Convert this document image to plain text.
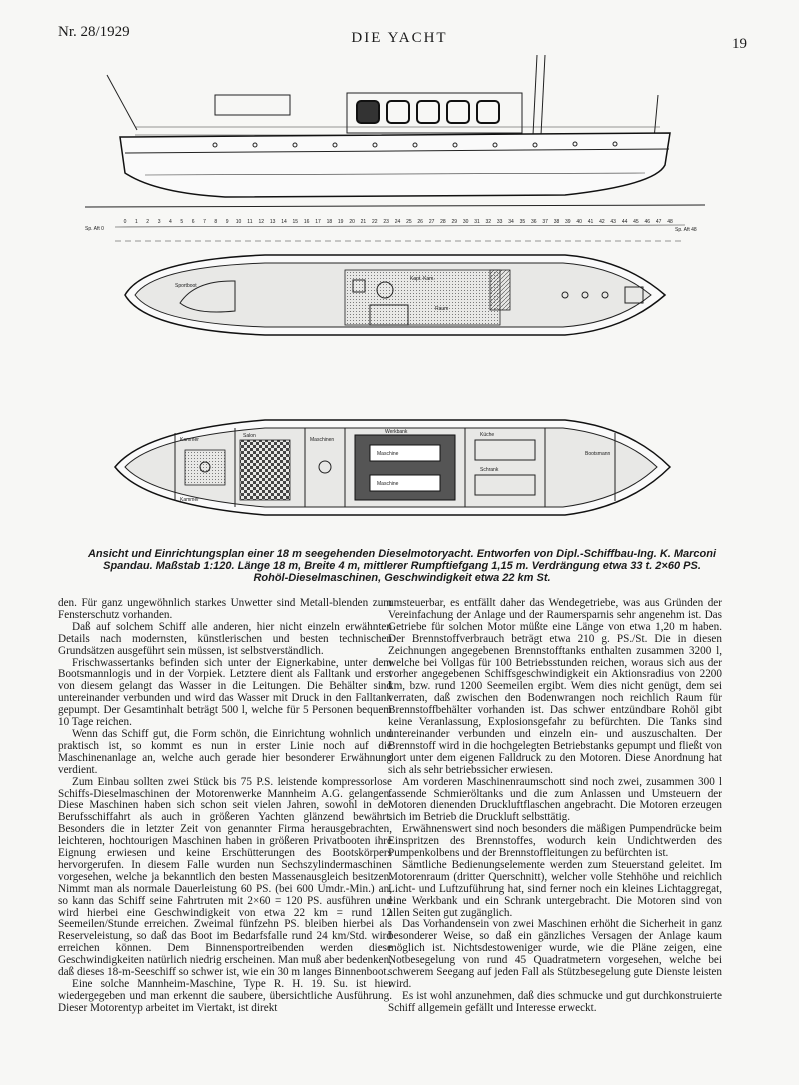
Nr. 28/1929	DIE YACHT	19
Sp. Aft 0	Sp. Aft 48
Kapt. Kam.
Raum
Sportboot
Kammer
Kammer
Maschinen
Salon
Maschine
Maschine
Werkbank
Bootsmann
Küche
Schrank
0 1 2 3 4 5 6 7 8 9 10 11 12 13 14 15 16 17 18 19 20 21 22 23 24 25 26 27 28 29 30 31 32 33 34 35 36 37 38 39 40 41 42 43 44 45 46 47 48
Ansicht und Einrichtungsplan einer 18 m seegehenden Dieselmotoryacht. Entworfen von Dipl.-Schiffbau-Ing. K. Marconi
Spandau. Maßstab 1:120. Länge 18 m, Breite 4 m, mittlerer Rumpftiefgang 1,15 m. Verdrängung etwa 33 t. 2×60 PS.
Rohöl-Dieselmaschinen, Geschwindigkeit etwa 22 km St.

den. Für ganz ungewöhnlich starkes Unwetter sind Metall-blenden zum Fensterschutz vorhanden.

Daß auf solchem Schiff alle anderen, hier nicht einzeln erwähnten Details nach modernsten, künstlerischen und besten technischen Grundsätzen ausgeführt sein müssen, ist selbstverständlich.

Frischwassertanks befinden sich unter der Eignerkabine, unter dem Bootsmannlogis und in der Vorpiek. Letztere dient als Falltank und erst von diesem gelangt das Wasser in die Leitungen. Die Behälter sind untereinander verbunden und wird das Wasser mit Druck in den Falltank gepumpt. Der Gesamtinhalt beträgt 500 l, welche für 5 Personen bequem 10 Tage reichen.

Wenn das Schiff gut, die Form schön, die Einrichtung wohnlich und praktisch ist, so kommt es nun in erster Linie noch auf die Maschinenanlage an, welche auch gerade hier besonderer Erwähnung verdient.

Zum Einbau sollten zwei Stück bis 75 P.S. leistende kompressorlose Schiffs-Dieselmaschinen der Motorenwerke Mannheim A.G. gelangen. Diese Maschinen haben sich schon seit vielen Jahren, sowohl in der Berufsschiffahrt als auch in größeren Yachten glänzend bewährt. Besonders die in letzter Zeit von genannter Firma herausgebrachten, leichteren, hochtourigen Maschinen haben in größeren Privatbooten ihre Eignung erwiesen und keine Erschütterungen des Bootskörpers hervorgerufen. In diesem Falle wurden nun Sechszylindermaschinen vorgesehen, welche ja bekanntlich den besten Massenausgleich besitzen. Nimmt man als normale Dauerleistung 60 PS. (bei 600 Umdr.-Min.) an, so kann das Schiff seine Fahrtruten mit 2×60 = 120 PS. ausführen und wird hierbei eine Geschwindigkeit von etwa 22 km = rund 12 Seemeilen/Stunde erreichen. Zweimal fünfzehn PS. bleiben hierbei als Reserveleistung, so daß das Boot im Bedarfsfalle rund 24 km/Std. wird erreichen können. Dem Binnensportreibenden werden diese Geschwindigkeiten natürlich niedrig erscheinen. Man muß aber bedenken, daß dieses 18-m-Seeschiff so schwer ist, wie ein 30 m langes Binnenboot.

Eine solche Mannheim-Maschine, Type R. H. 19. Su. ist hier wiedergegeben und man erkennt die saubere, übersichtliche Ausführung. Dieser Motorentyp arbeitet im Viertakt, ist direkt

umsteuerbar, es entfällt daher das Wendegetriebe, was aus Gründen der Vereinfachung der Anlage und der Raumersparnis sehr angenehm ist. Das Getriebe für solchen Motor müßte eine Länge von etwa 1,20 m haben. Der Brennstoffverbrauch beträgt etwa 210 g. PS./St. Die in diesen Zeichnungen angegebenen Brennstofftanks enthalten zusammen 3200 l, welche bei Vollgas für 100 Betriebsstunden reichen, woraus sich aus der vorher angegebenen Schiffsgeschwindigkeit ein Aktionsradius von 2200 km, bzw. rund 1200 Seemeilen ergibt. Wem dies nicht genügt, dem sei verraten, daß zwischen den Bodenwrangen noch reichlich Raum für Brennstoffbehälter vorhanden ist. Das schwer entzündbare Rohöl gibt keine Veranlassung, Explosionsgefahr zu befürchten. Die Tanks sind untereinander verbunden und einzeln ein- und auszuschalten. Der Brennstoff wird in die hochgelegten Betriebstanks gepumpt und fließt von dort unter dem eigenen Falldruck zu den Motoren. Diese Anordnung hat sich als sehr betriebssicher erwiesen.

Am vorderen Maschinenraumschott sind noch zwei, zusammen 300 l fassende Schmieröltanks und die zum Anlassen und Umsteuern der Motoren dienenden Druckluftflaschen angebracht. Die Motoren erzeugen sich im Betrieb die Druckluft selbsttätig.

Erwähnenswert sind noch besonders die mäßigen Pumpendrücke beim Einspritzen des Brennstoffes, wodurch kein Undichtwerden des Pumpenkolbens und der Brennstoffleitungen zu befürchten ist.

Sämtliche Bedienungselemente werden zum Steuerstand geleitet. Im Motorenraum (dritter Querschnitt), welcher volle Stehhöhe und reichlich Licht- und Luftzuführung hat, sind ferner noch ein kleines Lichtaggregat, eine Werkbank und ein Schrank untergebracht. Die Motoren sind von allen Seiten gut zugänglich.

Das Vorhandensein von zwei Maschinen erhöht die Sicherheit in ganz besonderer Weise, so daß ein gänzliches Versagen der Anlage kaum möglich ist. Nichtsdestoweniger wurde, wie die Pläne zeigen, eine Notbesegelung von rund 45 Quadratmetern vorgesehen, welche bei schwerem Seegang auf jeden Fall als Stützbesegelung gute Dienste leisten wird.

Es ist wohl anzunehmen, daß dies schmucke und gut durchkonstruierte Schiff allgemein gefällt und Interesse erweckt.
